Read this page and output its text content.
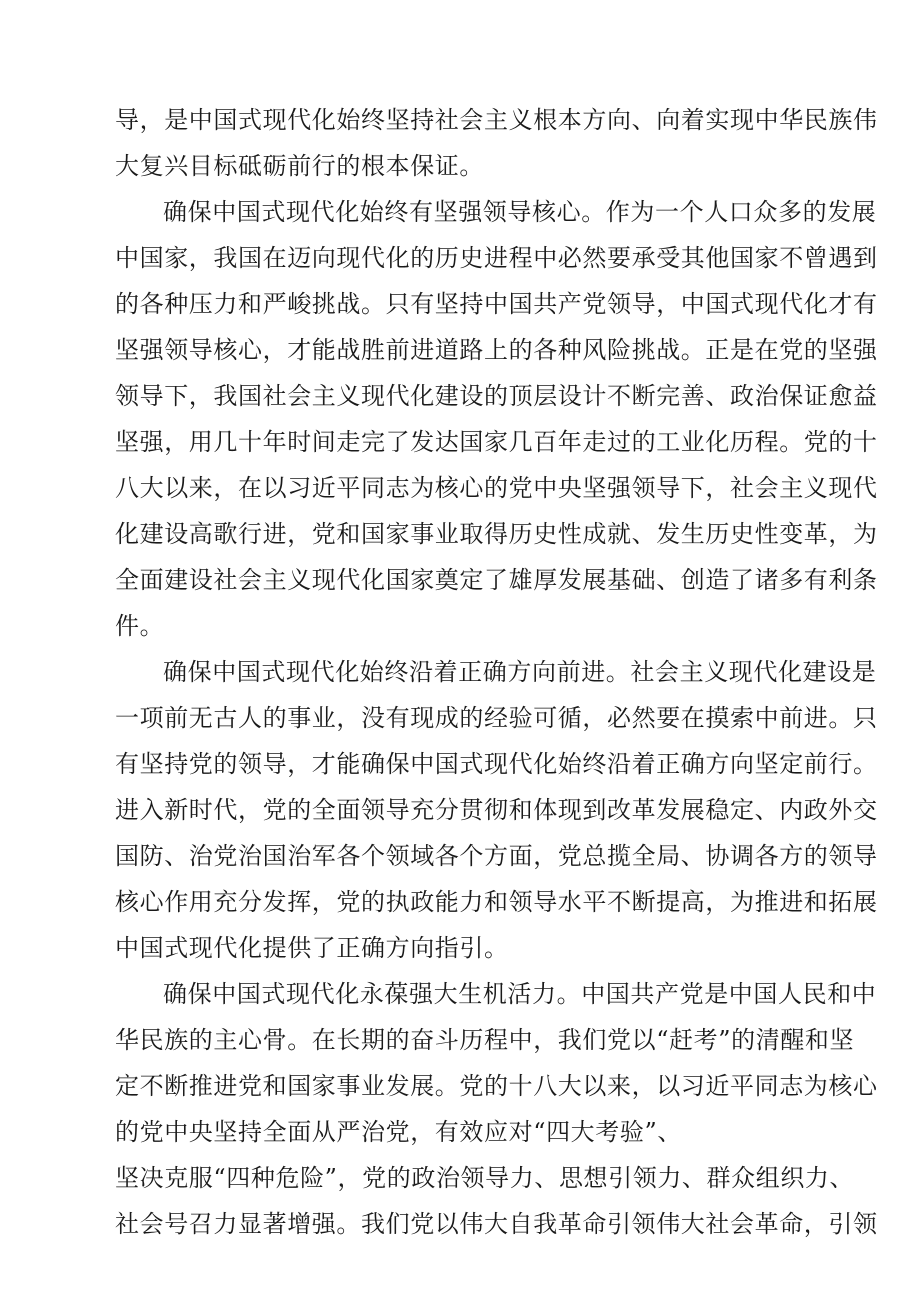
导，是中国式现代化始终坚持社会主义根本方向、向着实现中华民族伟
大复兴目标砥砺前行的根本保证。
确保中国式现代化始终有坚强领导核心。作为一个人口众多的发展
中国家，我国在迈向现代化的历史进程中必然要承受其他国家不曾遇到
的各种压力和严峻挑战。只有坚持中国共产党领导，中国式现代化才有
坚强领导核心，才能战胜前进道路上的各种风险挑战。正是在党的坚强
领导下，我国社会主义现代化建设的顶层设计不断完善、政治保证愈益
坚强，用几十年时间走完了发达国家几百年走过的工业化历程。党的十
八大以来，在以习近平同志为核心的党中央坚强领导下，社会主义现代
化建设高歌行进，党和国家事业取得历史性成就、发生历史性变革，为
全面建设社会主义现代化国家奠定了雄厚发展基础、创造了诸多有利条
件。
确保中国式现代化始终沿着正确方向前进。社会主义现代化建设是
一项前无古人的事业，没有现成的经验可循，必然要在摸索中前进。只
有坚持党的领导，才能确保中国式现代化始终沿着正确方向坚定前行。
进入新时代，党的全面领导充分贯彻和体现到改革发展稳定、内政外交
国防、治党治国治军各个领域各个方面，党总揽全局、协调各方的领导
核心作用充分发挥，党的执政能力和领导水平不断提高，为推进和拓展
中国式现代化提供了正确方向指引。
确保中国式现代化永葆强大生机活力。中国共产党是中国人民和中
华民族的主心骨。在长期的奋斗历程中，我们党以“赶考”的清醒和坚
定不断推进党和国家事业发展。党的十八大以来，以习近平同志为核心
的党中央坚持全面从严治党，有效应对“四大考验”、
坚决克服“四种危险”，党的政治领导力、思想引领力、群众组织力、
社会号召力显著增强。我们党以伟大自我革命引领伟大社会革命，引领
